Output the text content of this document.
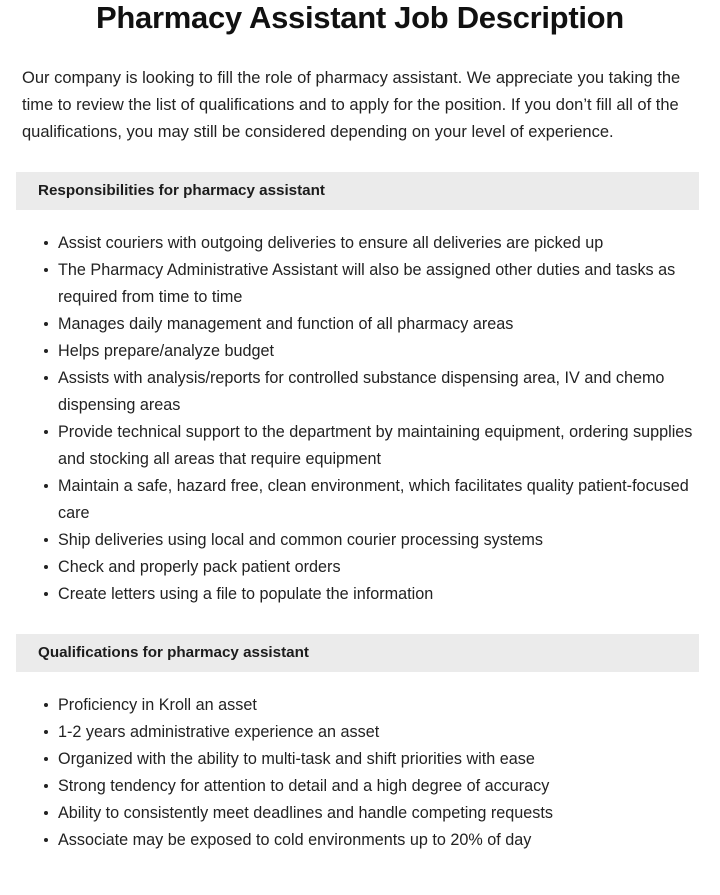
Pharmacy Assistant Job Description

Our company is looking to fill the role of pharmacy assistant. We appreciate you taking the time to review the list of qualifications and to apply for the position. If you don’t fill all of the qualifications, you may still be considered depending on your level of experience.

Responsibilities for pharmacy assistant
Assist couriers with outgoing deliveries to ensure all deliveries are picked up
The Pharmacy Administrative Assistant will also be assigned other duties and tasks as required from time to time
Manages daily management and function of all pharmacy areas
Helps prepare/analyze budget
Assists with analysis/reports for controlled substance dispensing area, IV and chemo dispensing areas
Provide technical support to the department by maintaining equipment, ordering supplies and stocking all areas that require equipment
Maintain a safe, hazard free, clean environment, which facilitates quality patient-focused care
Ship deliveries using local and common courier processing systems
Check and properly pack patient orders
Create letters using a file to populate the information
Qualifications for pharmacy assistant
Proficiency in Kroll an asset
1-2 years administrative experience an asset
Organized with the ability to multi-task and shift priorities with ease
Strong tendency for attention to detail and a high degree of accuracy
Ability to consistently meet deadlines and handle competing requests
Associate may be exposed to cold environments up to 20% of day
